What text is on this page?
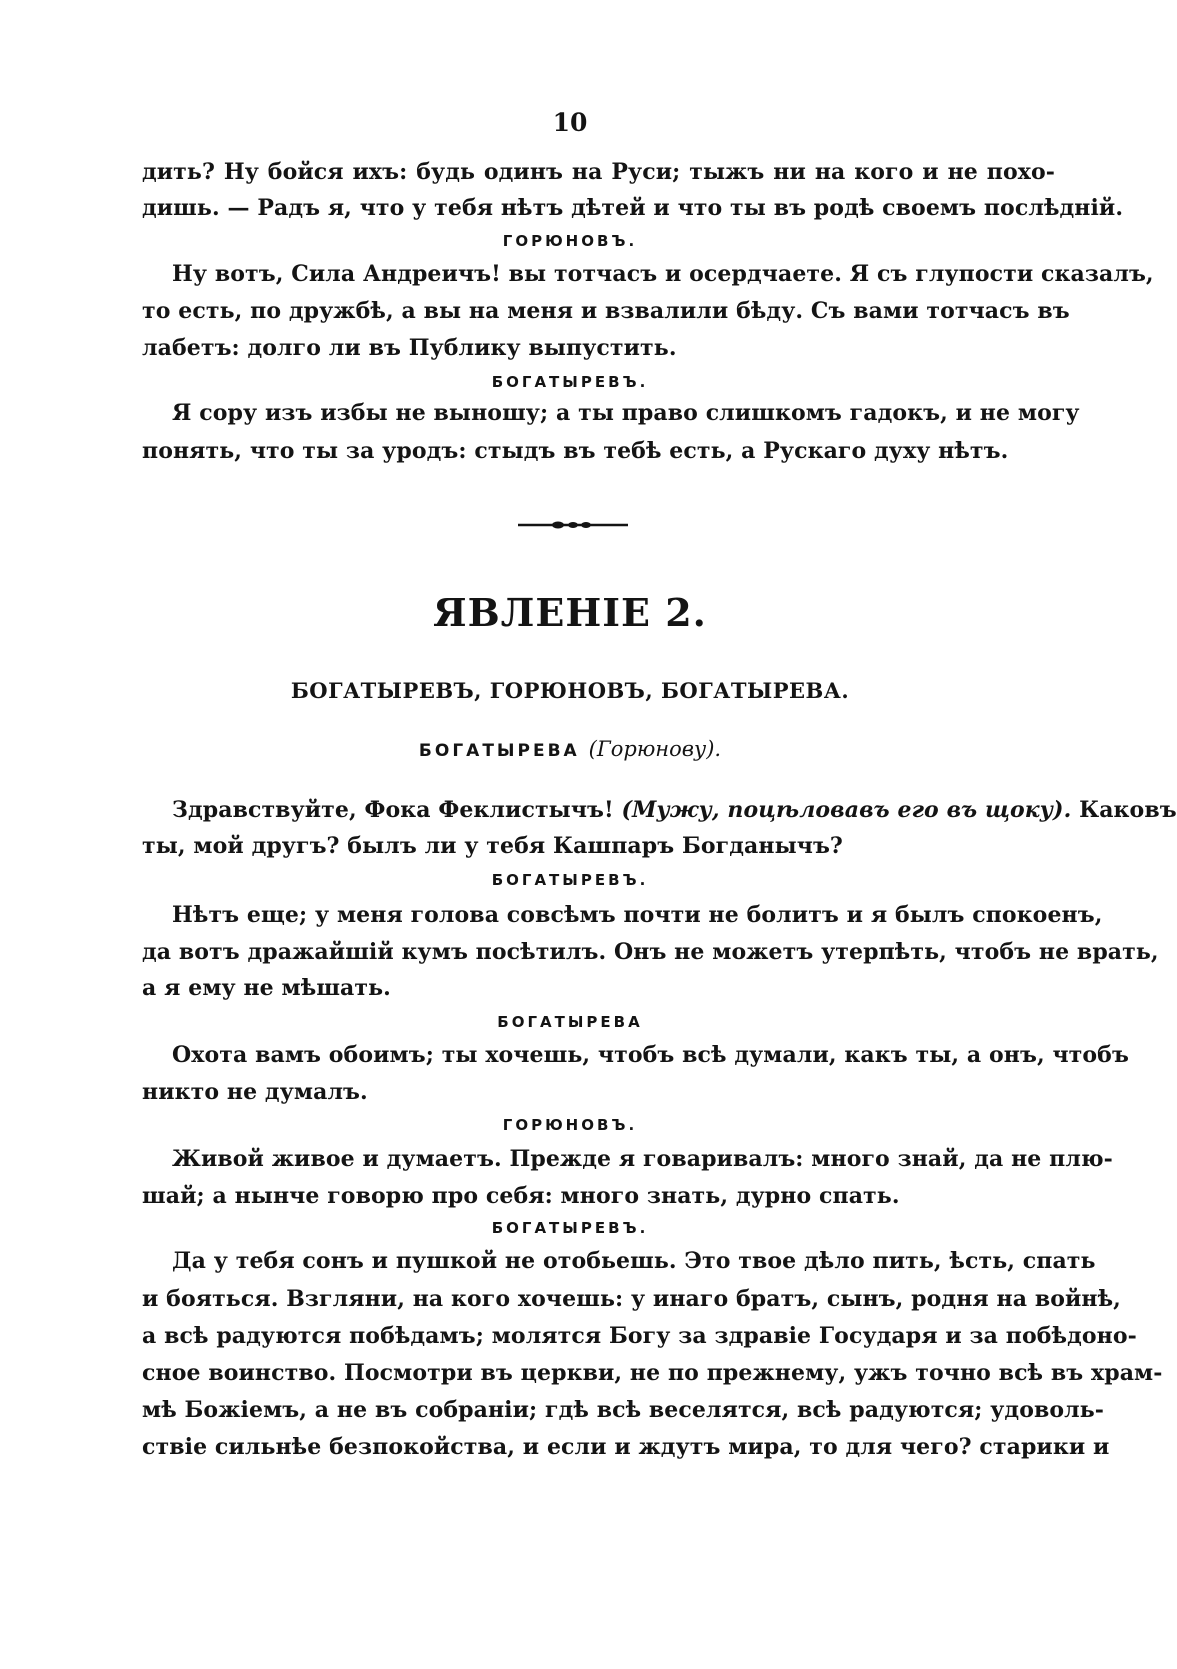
10
дить? Ну бойся ихъ: будь одинъ на Руси; тыжъ ни на кого и не похо-
дишь. — Радъ я, что у тебя нѣтъ дѣтей и что ты въ родѣ своемъ послѣдній.
ГОРЮНОВЪ.
Ну вотъ, Сила Андреичъ! вы тотчасъ и осердчаете. Я съ глупости сказалъ,
то есть, по дружбѣ, а вы на меня и взвалили бѣду. Съ вами тотчасъ въ
лабетъ: долго ли въ Публику выпустить.
БОГАТЫРЕВЪ.
Я сору изъ избы не выношу; а ты право слишкомъ гадокъ, и не могу
понять, что ты за уродъ: стыдъ въ тебѣ есть, а Рускаго духу нѣтъ.
ЯВЛЕНІЕ 2.
БОГАТЫРЕВЪ, ГОРЮНОВЪ, БОГАТЫРЕВА.
БОГАТЫРЕВА (Горюнову).
Здравствуйте, Фока Феклистычъ! (Мужу, поцѣловавъ его въ щоку). Каковъ
ты, мой другъ? былъ ли у тебя Кашпаръ Богданычъ?
БОГАТЫРЕВЪ.
Нѣтъ еще; у меня голова совсѣмъ почти не болитъ и я былъ спокоенъ,
да вотъ дражайшій кумъ посѣтилъ. Онъ не можетъ утерпѣть, чтобъ не врать,
а я ему не мѣшать.
БОГАТЫРЕВА
Охота вамъ обоимъ; ты хочешь, чтобъ всѣ думали, какъ ты, а онъ, чтобъ
никто не думалъ.
ГОРЮНОВЪ.
Живой живое и думаетъ. Прежде я говаривалъ: много знай, да не плю-
шай; а нынче говорю про себя: много знать, дурно спать.
БОГАТЫРЕВЪ.
Да у тебя сонъ и пушкой не отобьешь. Это твое дѣло пить, ѣсть, спать
и бояться. Взгляни, на кого хочешь: у инаго братъ, сынъ, родня на войнѣ,
а всѣ радуются побѣдамъ; молятся Богу за здравіе Государя и за побѣдоно-
сное воинство. Посмотри въ церкви, не по прежнему, ужъ точно всѣ въ храм-
мѣ Божіемъ, а не въ собраніи; гдѣ всѣ веселятся, всѣ радуются; удоволь-
ствіе сильнѣе безпокойства, и если и ждутъ мира, то для чего? старики и
